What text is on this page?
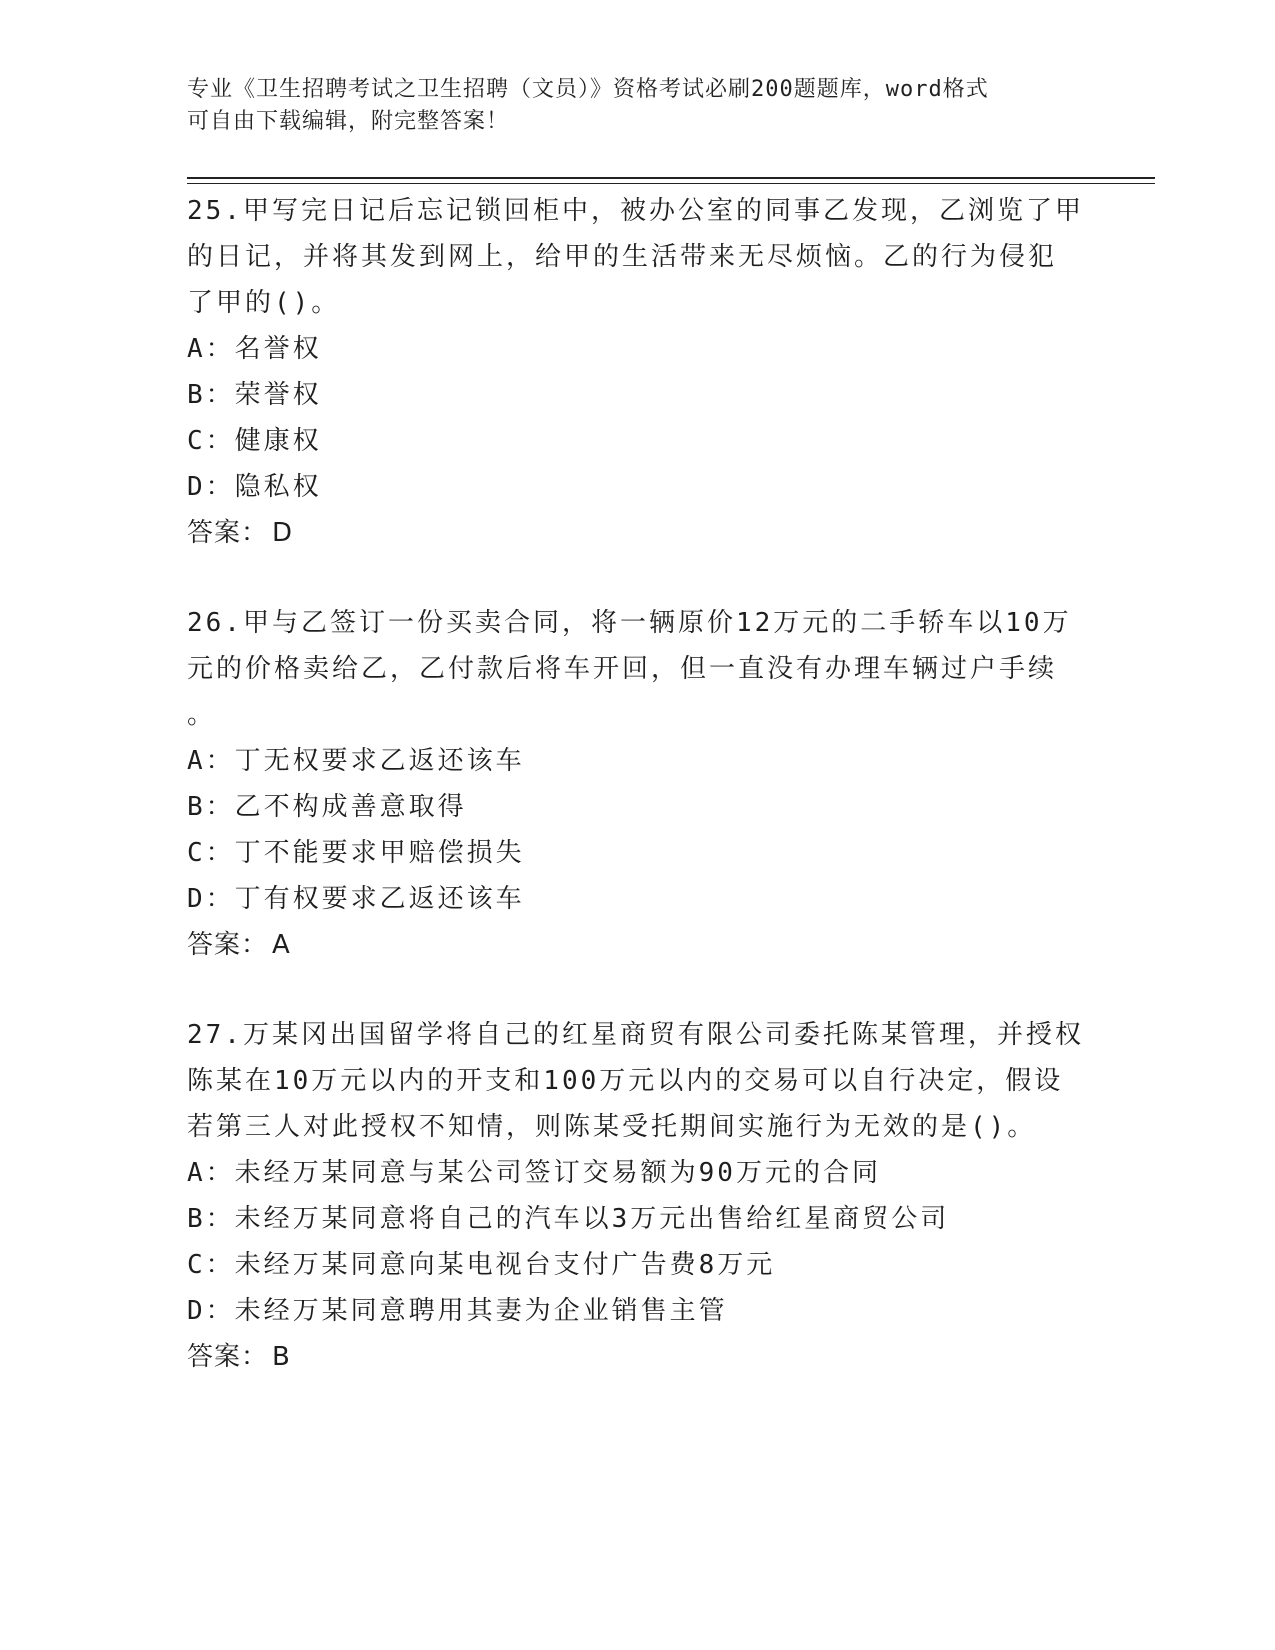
专业《卫生招聘考试之卫生招聘（文员）》资格考试必刷200题题库，word格式
可自由下载编辑，附完整答案！
25.甲写完日记后忘记锁回柜中，被办公室的同事乙发现，乙浏览了甲
的日记，并将其发到网上，给甲的生活带来无尽烦恼。乙的行为侵犯
了甲的()。
A：名誉权
B：荣誉权
C：健康权
D：隐私权
答案： D
26.甲与乙签订一份买卖合同，将一辆原价12万元的二手轿车以10万
元的价格卖给乙，乙付款后将车开回，但一直没有办理车辆过户手续
。
A：丁无权要求乙返还该车
B：乙不构成善意取得
C：丁不能要求甲赔偿损失
D：丁有权要求乙返还该车
答案： A
27.万某冈出国留学将自己的红星商贸有限公司委托陈某管理，并授权
陈某在10万元以内的开支和100万元以内的交易可以自行决定，假设
若第三人对此授权不知情，则陈某受托期间实施行为无效的是()。
A：未经万某同意与某公司签订交易额为90万元的合同
B：未经万某同意将自己的汽车以3万元出售给红星商贸公司
C：未经万某同意向某电视台支付广告费8万元
D：未经万某同意聘用其妻为企业销售主管
答案： B
